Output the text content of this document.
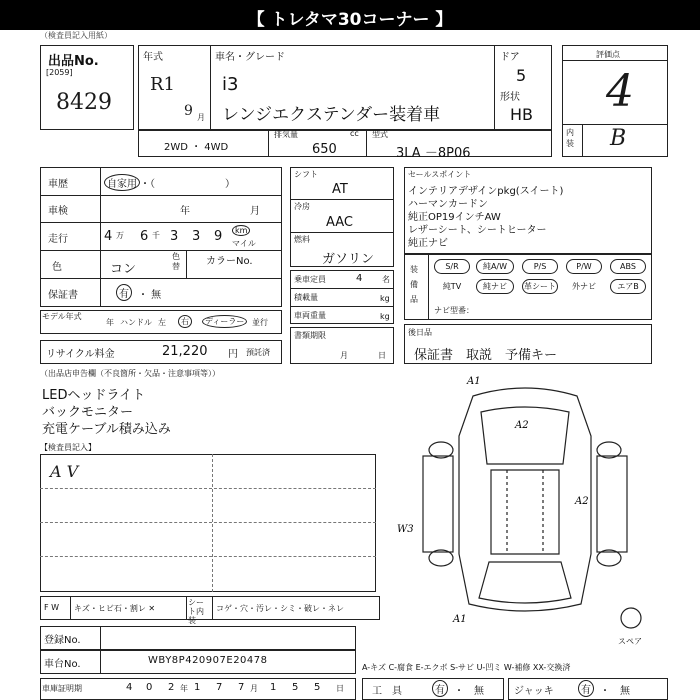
【 トレタマ30コーナー 】
（検査員記入用紙）
出品No.
[2059]
8429
年式
R1
9 月
車名・グレード
i3
レンジエクステンダー装着車
ドア
5
形状
HB
評価点
4
内装 B
2WD ・ 4WD
排気量	cc
650
型式
3LA －8P06
車歴	自家用 ・（　　　　　　　）
車検	年	月
走行	4 万 6 千 3 3 9	km
マイル
色	コン
色替	カラーNo.
保証書	有 ・ 無
モデル年式
年 ハンドル 左	右	ディーラー 並行
リサイクル料金	21,220 円 預託済
シフト
AT
冷房
AAC
燃料
ガソリン
乗車定員	4 名
積載量	kg
車両重量	kg
書類期限
月	日
セールスポイント
インテリアデザインpkg(スイート)
ハーマンカードン
純正OP19インチAW
レザーシート、シートヒーター
純正ナビ
装備品
S/R	純A/W	P/S	P/W	ABS
純TV	純ナビ	革シート	外ナビ	エアB
ナビ型番：
後日品
保証書　取説　予備キー
（出品店申告欄（不良箇所・欠品・注意事項等））
LEDヘッドライト
バックモニター
充電ケーブル積み込み
【検査員記入】
A V
A1
A2
A2
W3
A1
スペア
F W キズ・ヒビ石・割レ ✕
シート内装
コゲ・穴・汚レ・シミ・破レ・ネレ
登録No.
車台No.	WBY8P420907E20478
A-キズ C-腐食 E-エクボ S-サビ U-凹ミ W-補修 XX-交換済
車庫証明期	4 0 2 年 1 7 7 月 1 5 5 日	工　具	有 ・　無	ジャッキ	有 ・　無
